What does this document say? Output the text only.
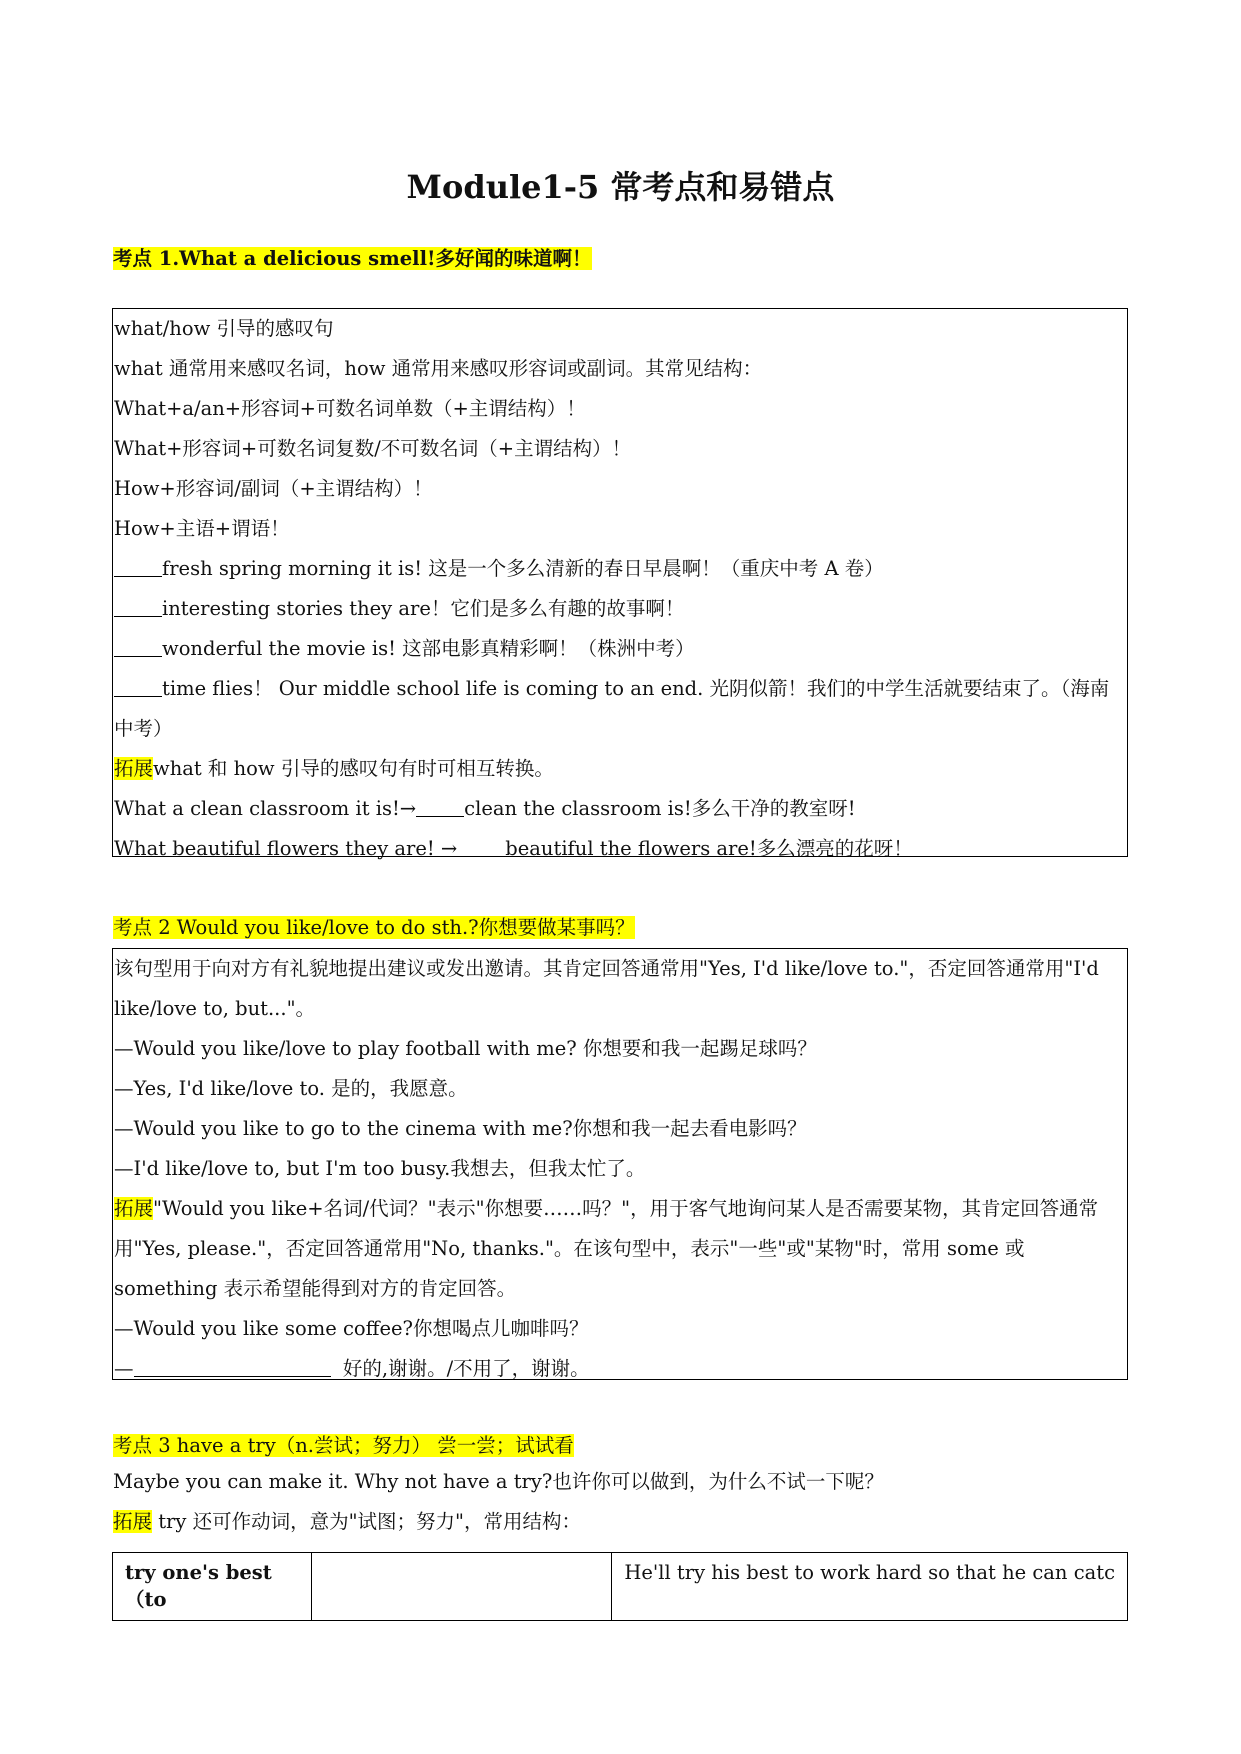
Module1-5 常考点和易错点

考点 1.What a delicious smell!多好闻的味道啊！

what/how 引导的感叹句
what 通常用来感叹名词，how 通常用来感叹形容词或副词。其常见结构：
What+a/an+形容词+可数名词单数（+主谓结构）！
What+形容词+可数名词复数/不可数名词（+主谓结构）！
How+形容词/副词（+主谓结构）！
How+主语+谓语！
fresh spring morning it is! 这是一个多么清新的春日早晨啊！（重庆中考 A 卷）
interesting stories they are！它们是多么有趣的故事啊！
wonderful the movie is! 这部电影真精彩啊！（株洲中考）
time flies！ Our middle school life is coming to an end. 光阴似箭！我们的中学生活就要结束了。（海南
中考）
拓展what 和 how 引导的感叹句有时可相互转换。
What a clean classroom it is!→ clean the classroom is!多么干净的教室呀!
What beautiful flowers they are! → beautiful the flowers are!多么漂亮的花呀！

考点 2 Would you like/love to do sth.?你想要做某事吗？

该句型用于向对方有礼貌地提出建议或发出邀请。其肯定回答通常用"Yes, I'd like/love to."，否定回答通常用"I'd like/love to, but..."。
—Would you like/love to play football with me? 你想要和我一起踢足球吗？
—Yes, I'd like/love to. 是的，我愿意。
—Would you like to go to the cinema with me?你想和我一起去看电影吗？
—I'd like/love to, but I'm too busy.我想去，但我太忙了。
拓展"Would you like+名词/代词？"表示"你想要……吗？"，用于客气地询问某人是否需要某物，其肯定回答通常用"Yes, please."，否定回答通常用"No, thanks."。在该句型中，表示"一些"或"某物"时，常用 some 或 something 表示希望能得到对方的肯定回答。
—Would you like some coffee?你想喝点儿咖啡吗？
—	好的,谢谢。/不用了，谢谢。

考点 3 have a try（n.尝试；努力） 尝一尝；试试看

Maybe you can make it. Why not have a try?也许你可以做到，为什么不试一下呢？
拓展 try 还可作动词，意为"试图；努力"，常用结构：
try one's best （to		He'll try his best to work hard so that he can catc
